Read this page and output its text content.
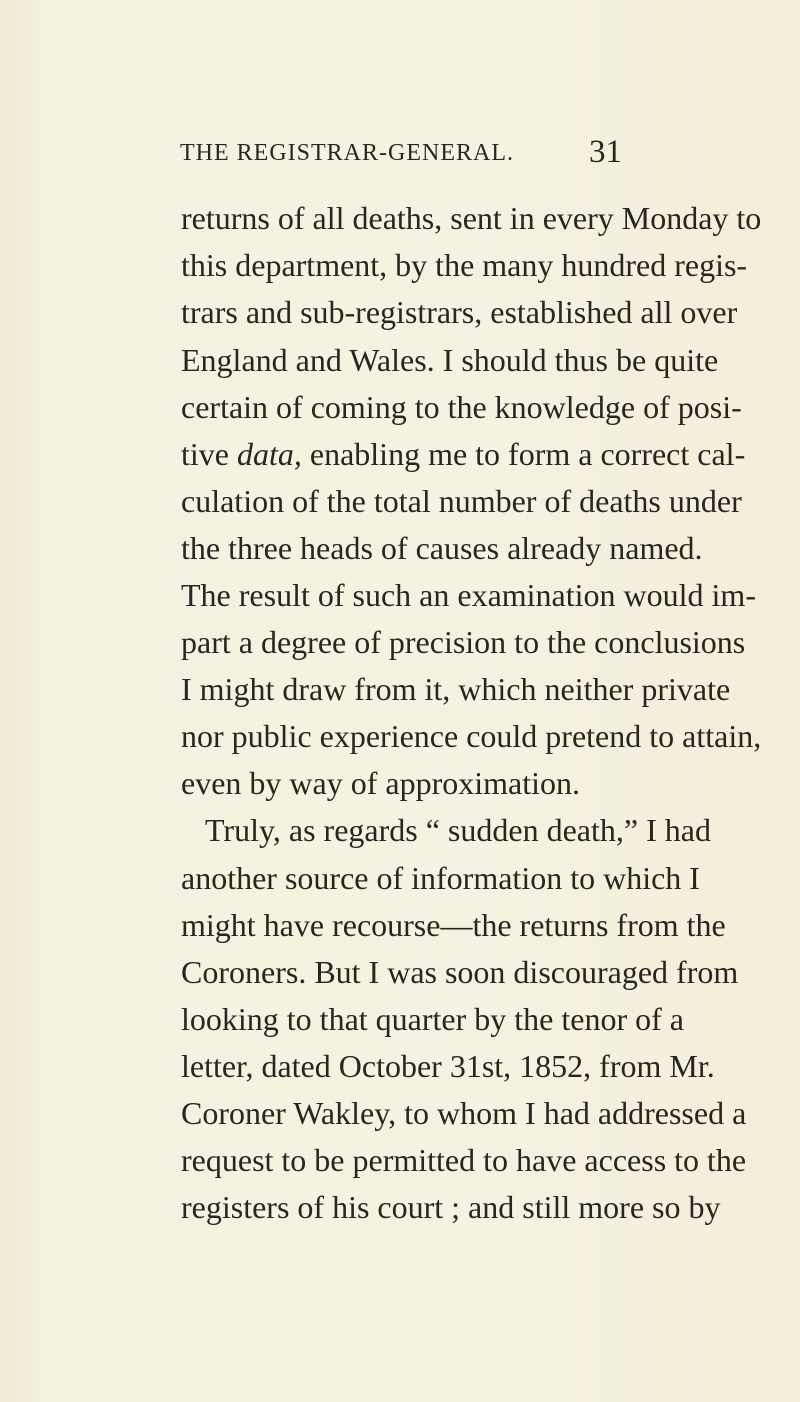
THE REGISTRAR-GENERAL. 31
returns of all deaths, sent in every Monday to
this department, by the many hundred regis-
trars and sub-registrars, established all over
England and Wales. I should thus be quite
certain of coming to the knowledge of posi-
tive data, enabling me to form a correct cal-
culation of the total number of deaths under
the three heads of causes already named.
The result of such an examination would im-
part a degree of precision to the conclusions
I might draw from it, which neither private
nor public experience could pretend to attain,
even by way of approximation.
Truly, as regards “ sudden death,” I had
another source of information to which I
might have recourse—the returns from the
Coroners. But I was soon discouraged from
looking to that quarter by the tenor of a
letter, dated October 31st, 1852, from Mr.
Coroner Wakley, to whom I had addressed a
request to be permitted to have access to the
registers of his court ; and still more so by
